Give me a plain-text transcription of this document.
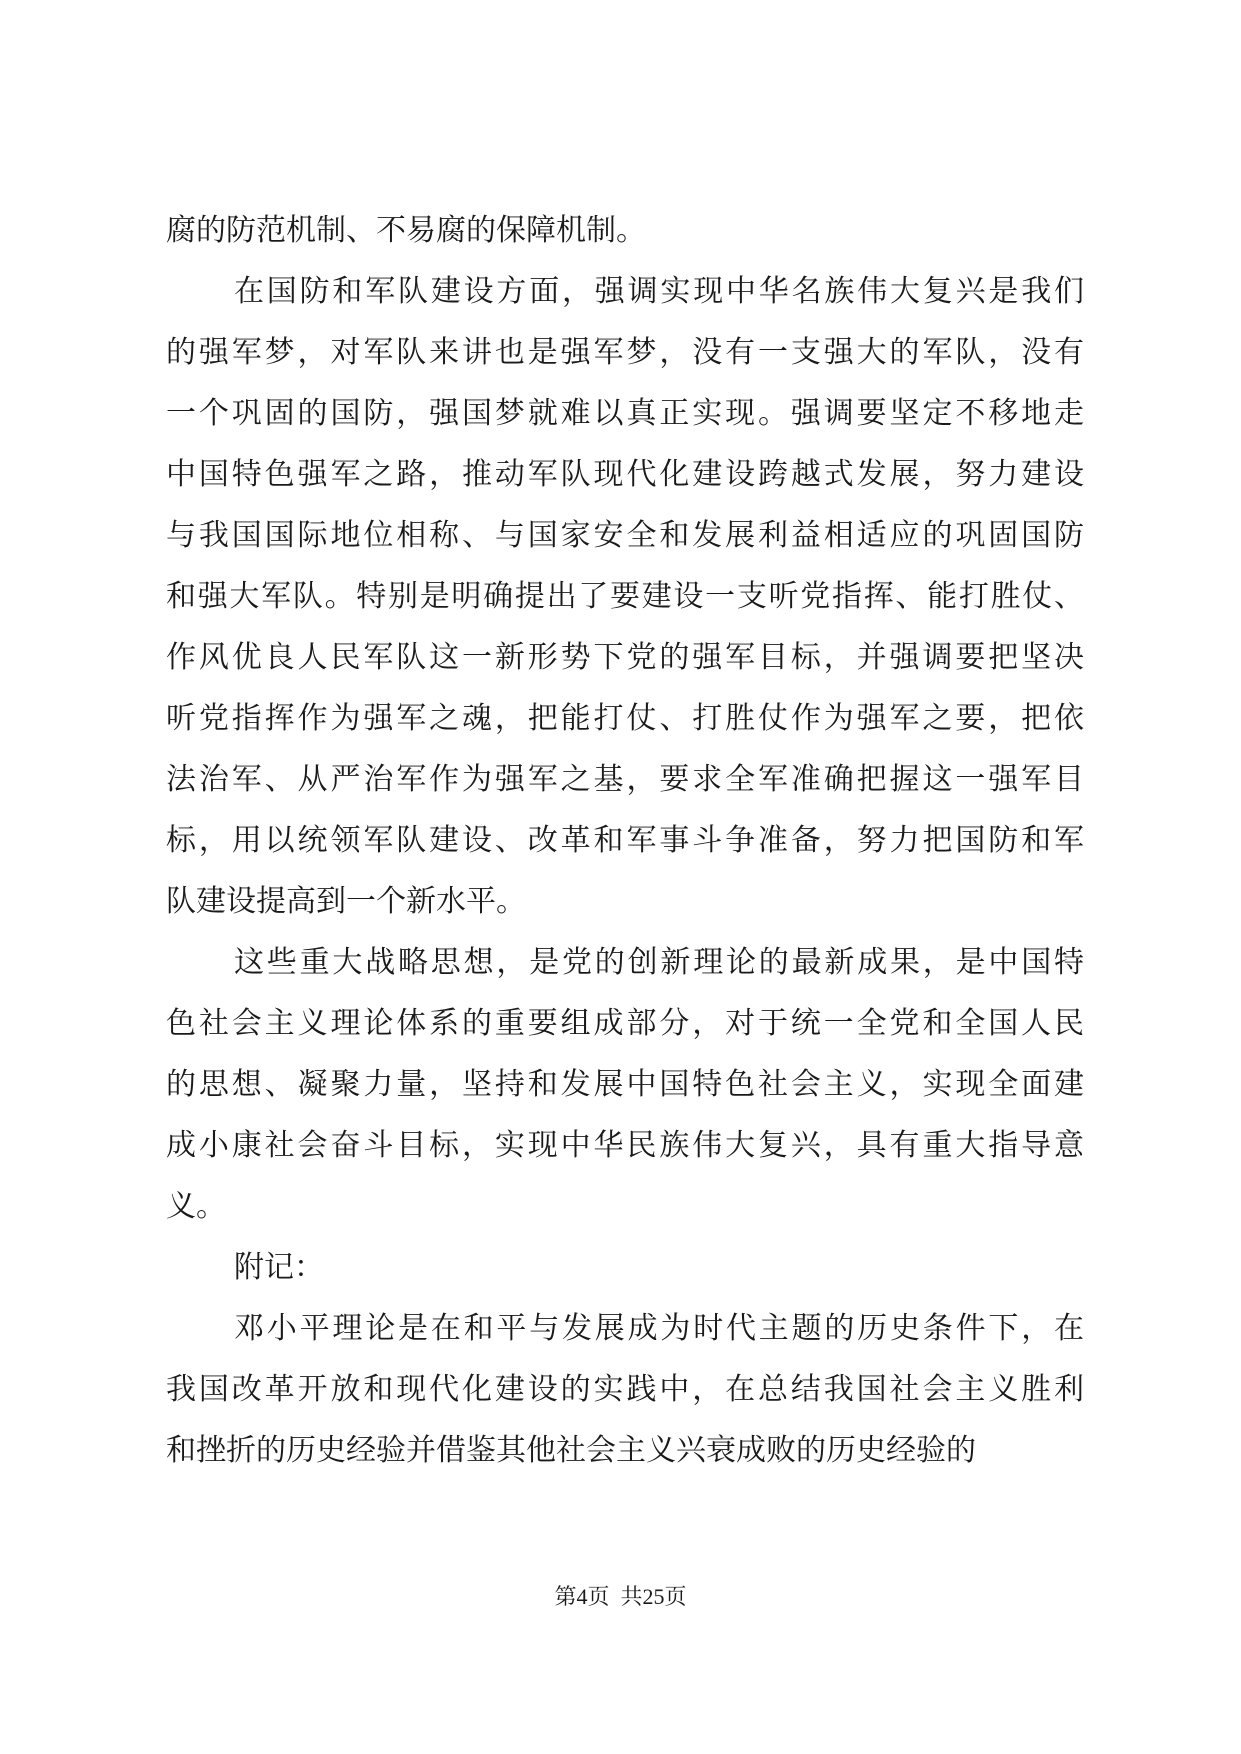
腐的防范机制、不易腐的保障机制。
在国防和军队建设方面，强调实现中华名族伟大复兴是我们
的强军梦，对军队来讲也是强军梦，没有一支强大的军队，没有
一个巩固的国防，强国梦就难以真正实现。强调要坚定不移地走
中国特色强军之路，推动军队现代化建设跨越式发展，努力建设
与我国国际地位相称、与国家安全和发展利益相适应的巩固国防
和强大军队。特别是明确提出了要建设一支听党指挥、能打胜仗、
作风优良人民军队这一新形势下党的强军目标，并强调要把坚决
听党指挥作为强军之魂，把能打仗、打胜仗作为强军之要，把依
法治军、从严治军作为强军之基，要求全军准确把握这一强军目
标，用以统领军队建设、改革和军事斗争准备，努力把国防和军
队建设提高到一个新水平。
这些重大战略思想，是党的创新理论的最新成果，是中国特
色社会主义理论体系的重要组成部分，对于统一全党和全国人民
的思想、凝聚力量，坚持和发展中国特色社会主义，实现全面建
成小康社会奋斗目标，实现中华民族伟大复兴，具有重大指导意
义。
附记：
邓小平理论是在和平与发展成为时代主题的历史条件下，在
我国改革开放和现代化建设的实践中，在总结我国社会主义胜利
和挫折的历史经验并借鉴其他社会主义兴衰成败的历史经验的
第4页  共25页
